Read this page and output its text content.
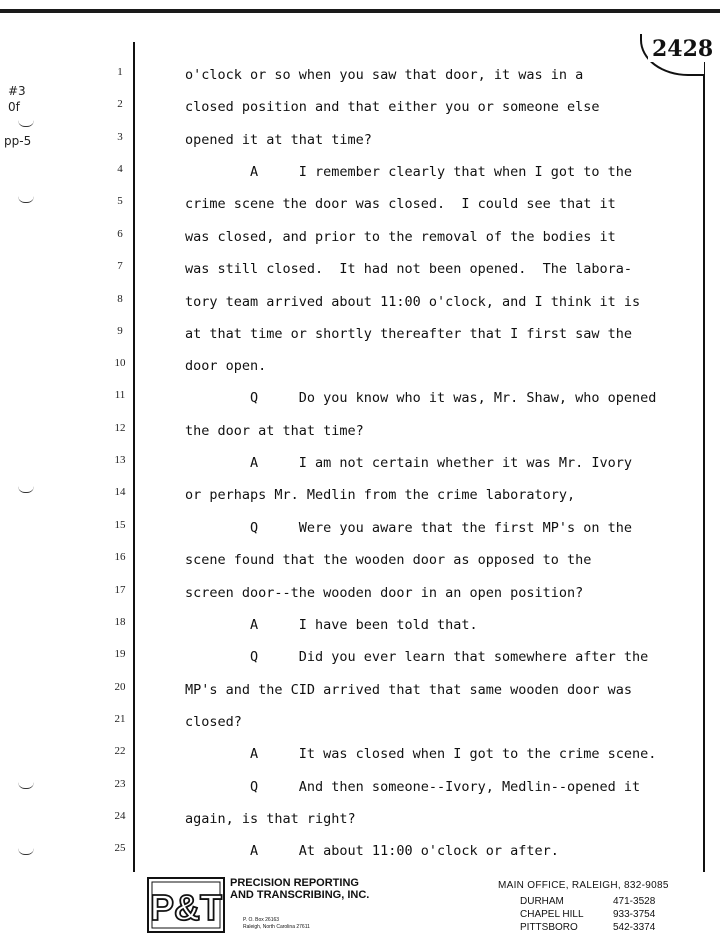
#3
0f
pp-5
2428
1
2
3
4
5
6
7
8
9
10
11
12
13
14
15
16
17
18
19
20
21
22
23
24
25
o'clock or so when you saw that door, it was in a
closed position and that either you or someone else
opened it at that time?
A     I remember clearly that when I got to the
crime scene the door was closed.  I could see that it
was closed, and prior to the removal of the bodies it
was still closed.  It had not been opened.  The labora-
tory team arrived about 11:00 o'clock, and I think it is
at that time or shortly thereafter that I first saw the
door open.
Q     Do you know who it was, Mr. Shaw, who opened
the door at that time?
A     I am not certain whether it was Mr. Ivory
or perhaps Mr. Medlin from the crime laboratory,
Q     Were you aware that the first MP's on the
scene found that the wooden door as opposed to the
screen door--the wooden door in an open position?
A     I have been told that.
Q     Did you ever learn that somewhere after the
MP's and the CID arrived that that same wooden door was
closed?
A     It was closed when I got to the crime scene.
Q     And then someone--Ivory, Medlin--opened it
again, is that right?
A     At about 11:00 o'clock or after.
P&T
PRECISION REPORTING
AND TRANSCRIBING, INC.
P. O. Box 26163
Raleigh, North Carolina 27611
MAIN OFFICE, RALEIGH, 832-9085
DURHAM	471-3528
CHAPEL HILL	933-3754
PITTSBORO	542-3374
